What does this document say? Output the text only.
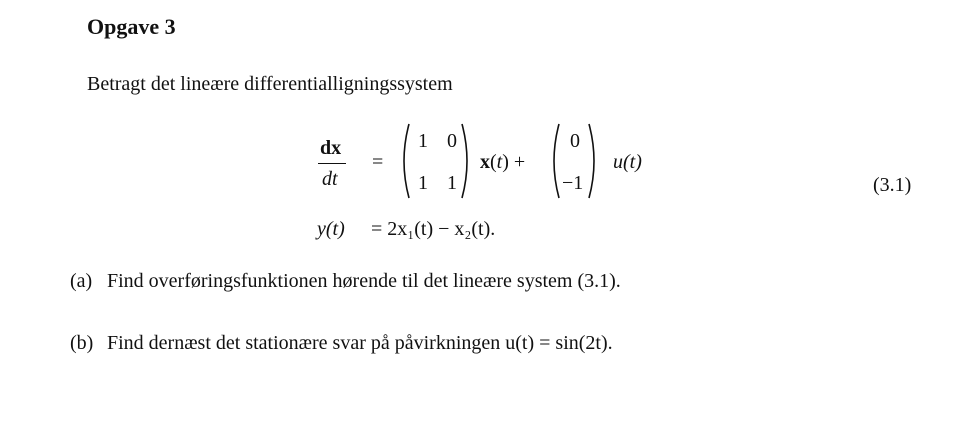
Opgave 3
Betragt det lineære differentialligningssystem
dx
dt
=
1 0
1 1
x(t) +
0
−1
u(t)
y(t) = 2x₁(t) − x₂(t).
(3.1)
(a) Find overføringsfunktionen hørende til det lineære system (3.1).
(b) Find dernæst det stationære svar på påvirkningen u(t) = sin(2t).
